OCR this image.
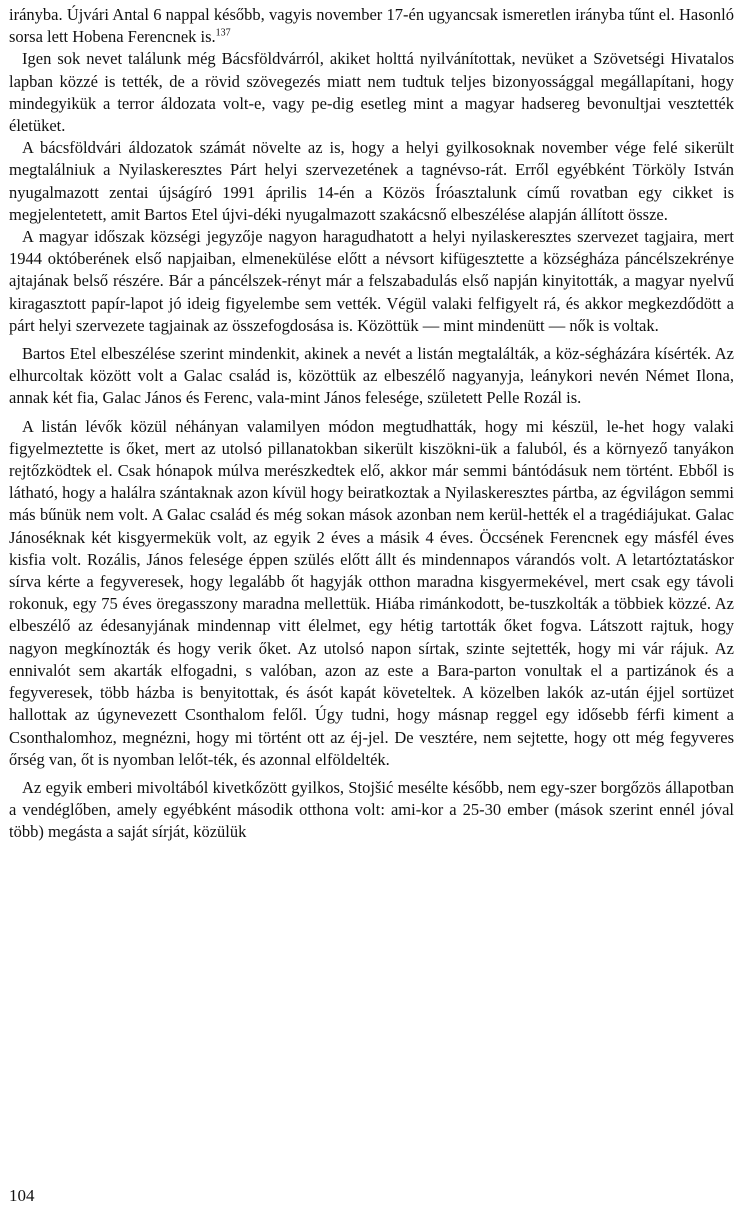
irányba. Újvári Antal 6 nappal később, vagyis november 17-én ugyancsak ismeretlen irányba tűnt el. Hasonló sorsa lett Hobena Ferencnek is.$^{137}$

Igen sok nevet találunk még Bácsföldvárról, akiket holttá nyilvánítottak, nevüket a Szövetségi Hivatalos lapban közzé is tették, de a rövid szövegezés miatt nem tudtuk teljes bizonyossággal megállapítani, hogy mindegyikük a terror áldozata volt-e, vagy pe-dig esetleg mint a magyar hadsereg bevonultjai vesztették életüket.

A bácsföldvári áldozatok számát növelte az is, hogy a helyi gyilkosoknak november vége felé sikerült megtalálniuk a Nyilaskeresztes Párt helyi szervezetének a tagnévso-rát. Erről egyébként Törköly István nyugalmazott zentai újságíró 1991 április 14-én a Közös Íróasztalunk című rovatban egy cikket is megjelentetett, amit Bartos Etel újvi-déki nyugalmazott szakácsnő elbeszélése alapján állított össze.

A magyar időszak községi jegyzője nagyon haragudhatott a helyi nyilaskeresztes szervezet tagjaira, mert 1944 októberének első napjaiban, elmenekülése előtt a névsort kifügesztette a községháza páncélszekrénye ajtajának belső részére. Bár a páncélszek-rényt már a felszabadulás első napján kinyitották, a magyar nyelvű kiragasztott papír-lapot jó ideig figyelembe sem vették. Végül valaki felfigyelt rá, és akkor megkezdődött a párt helyi szervezete tagjainak az összefogdosása is. Közöttük — mint mindenütt — nők is voltak.

Bartos Etel elbeszélése szerint mindenkit, akinek a nevét a listán megtalálták, a köz-ségházára kísérték. Az elhurcoltak között volt a Galac család is, közöttük az elbeszélő nagyanyja, leánykori nevén Német Ilona, annak két fia, Galac János és Ferenc, vala-mint János felesége, született Pelle Rozál is.

A listán lévők közül néhányan valamilyen módon megtudhatták, hogy mi készül, le-het hogy valaki figyelmeztette is őket, mert az utolsó pillanatokban sikerült kiszökni-ük a faluból, és a környező tanyákon rejtőzködtek el. Csak hónapok múlva merészkedtek elő, akkor már semmi bántódásuk nem történt. Ebből is látható, hogy a halálra szántaknak azon kívül hogy beiratkoztak a Nyilaskeresztes pártba, az égvilágon semmi más bűnük nem volt. A Galac család és még sokan mások azonban nem kerül-hették el a tragédiájukat. Galac Jánoséknak két kisgyermekük volt, az egyik 2 éves a másik 4 éves. Öccsének Ferencnek egy másfél éves kisfia volt. Rozális, János felesége éppen szülés előtt állt és mindennapos várandós volt. A letartóztatáskor sírva kérte a fegyveresek, hogy legalább őt hagyják otthon maradna kisgyermekével, mert csak egy távoli rokonuk, egy 75 éves öregasszony maradna mellettük. Hiába rimánkodott, be-tuszkolták a többiek közzé. Az elbeszélő az édesanyjának mindennap vitt élelmet, egy hétig tartották őket fogva. Látszott rajtuk, hogy nagyon megkínozták és hogy verik őket. Az utolsó napon sírtak, szinte sejtették, hogy mi vár rájuk. Az ennivalót sem akarták elfogadni, s valóban, azon az este a Bara-parton vonultak el a partizánok és a fegyveresek, több házba is benyitottak, és ásót kapát követeltek. A közelben lakók az-után éjjel sortüzet hallottak az úgynevezett Csonthalom felől. Úgy tudni, hogy másnap reggel egy idősebb férfi kiment a Csonthalomhoz, megnézni, hogy mi történt ott az éj-jel. De vesztére, nem sejtette, hogy ott még fegyveres őrség van, őt is nyomban lelőt-ték, és azonnal elföldelték.

Az egyik emberi mivoltából kivetkőzött gyilkos, Stojšić mesélte később, nem egy-szer borgőzös állapotban a vendéglőben, amely egyébként második otthona volt: ami-kor a 25-30 ember (mások szerint ennél jóval több) megásta a saját sírját, közülük

104
